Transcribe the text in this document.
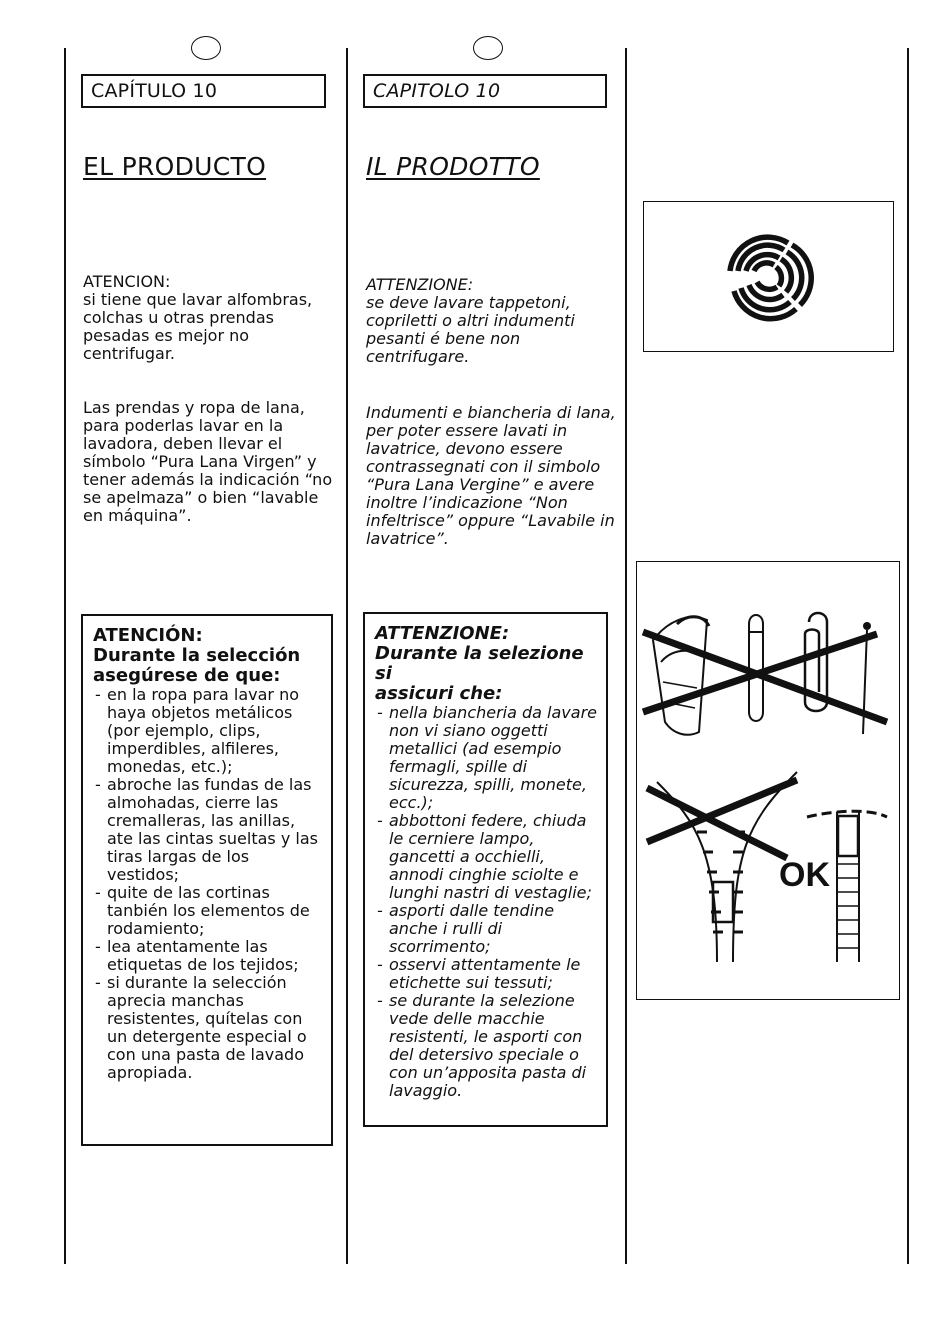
CAPÍTULO 10
EL PRODUCTO

ATENCION:
si tiene que lavar alfombras, colchas u otras prendas pesadas es mejor no centrifugar.

Las prendas y ropa de lana, para poderlas lavar en la lavadora, deben llevar el símbolo “Pura Lana Virgen” y tener además la indicación “no se apelmaza” o bien “lavable en máquina”.

ATENCIÓN:
Durante la selección
asegúrese de que:
- en la ropa para lavar no haya objetos metálicos (por ejemplo, clips, imperdibles, alfileres, monedas, etc.);
- abroche las fundas de las almohadas, cierre las cremalleras, las anillas, ate las cintas sueltas y las tiras largas de los vestidos;
- quite de las cortinas tanbién los elementos de rodamiento;
- lea atentamente las etiquetas de los tejidos;
- si durante la selección aprecia manchas resistentes, quítelas con un detergente especial o con una pasta de lavado apropiada.
CAPITOLO 10
IL PRODOTTO

ATTENZIONE:
se deve lavare tappetoni, copriletti o altri indumenti pesanti é bene non centrifugare.

Indumenti e biancheria di lana, per poter essere lavati in lavatrice, devono essere contrassegnati con il simbolo “Pura Lana Vergine” e avere inoltre l’indicazione “Non infeltrisce” oppure “Lavabile in lavatrice”.

ATTENZIONE:
Durante la selezione si
assicuri che:
- nella biancheria da lavare non vi siano oggetti metallici (ad esempio fermagli, spille di sicurezza, spilli, monete, ecc.);
- abbottoni federe, chiuda le cerniere lampo, gancetti a occhielli, annodi cinghie sciolte e lunghi nastri di vestaglie;
- asporti dalle tendine anche i rulli di scorrimento;
- osservi attentamente le etichette sui tessuti;
- se durante la selezione vede delle macchie resistenti, le asporti con del detersivo speciale o con un’apposita pasta di lavaggio.
OK
